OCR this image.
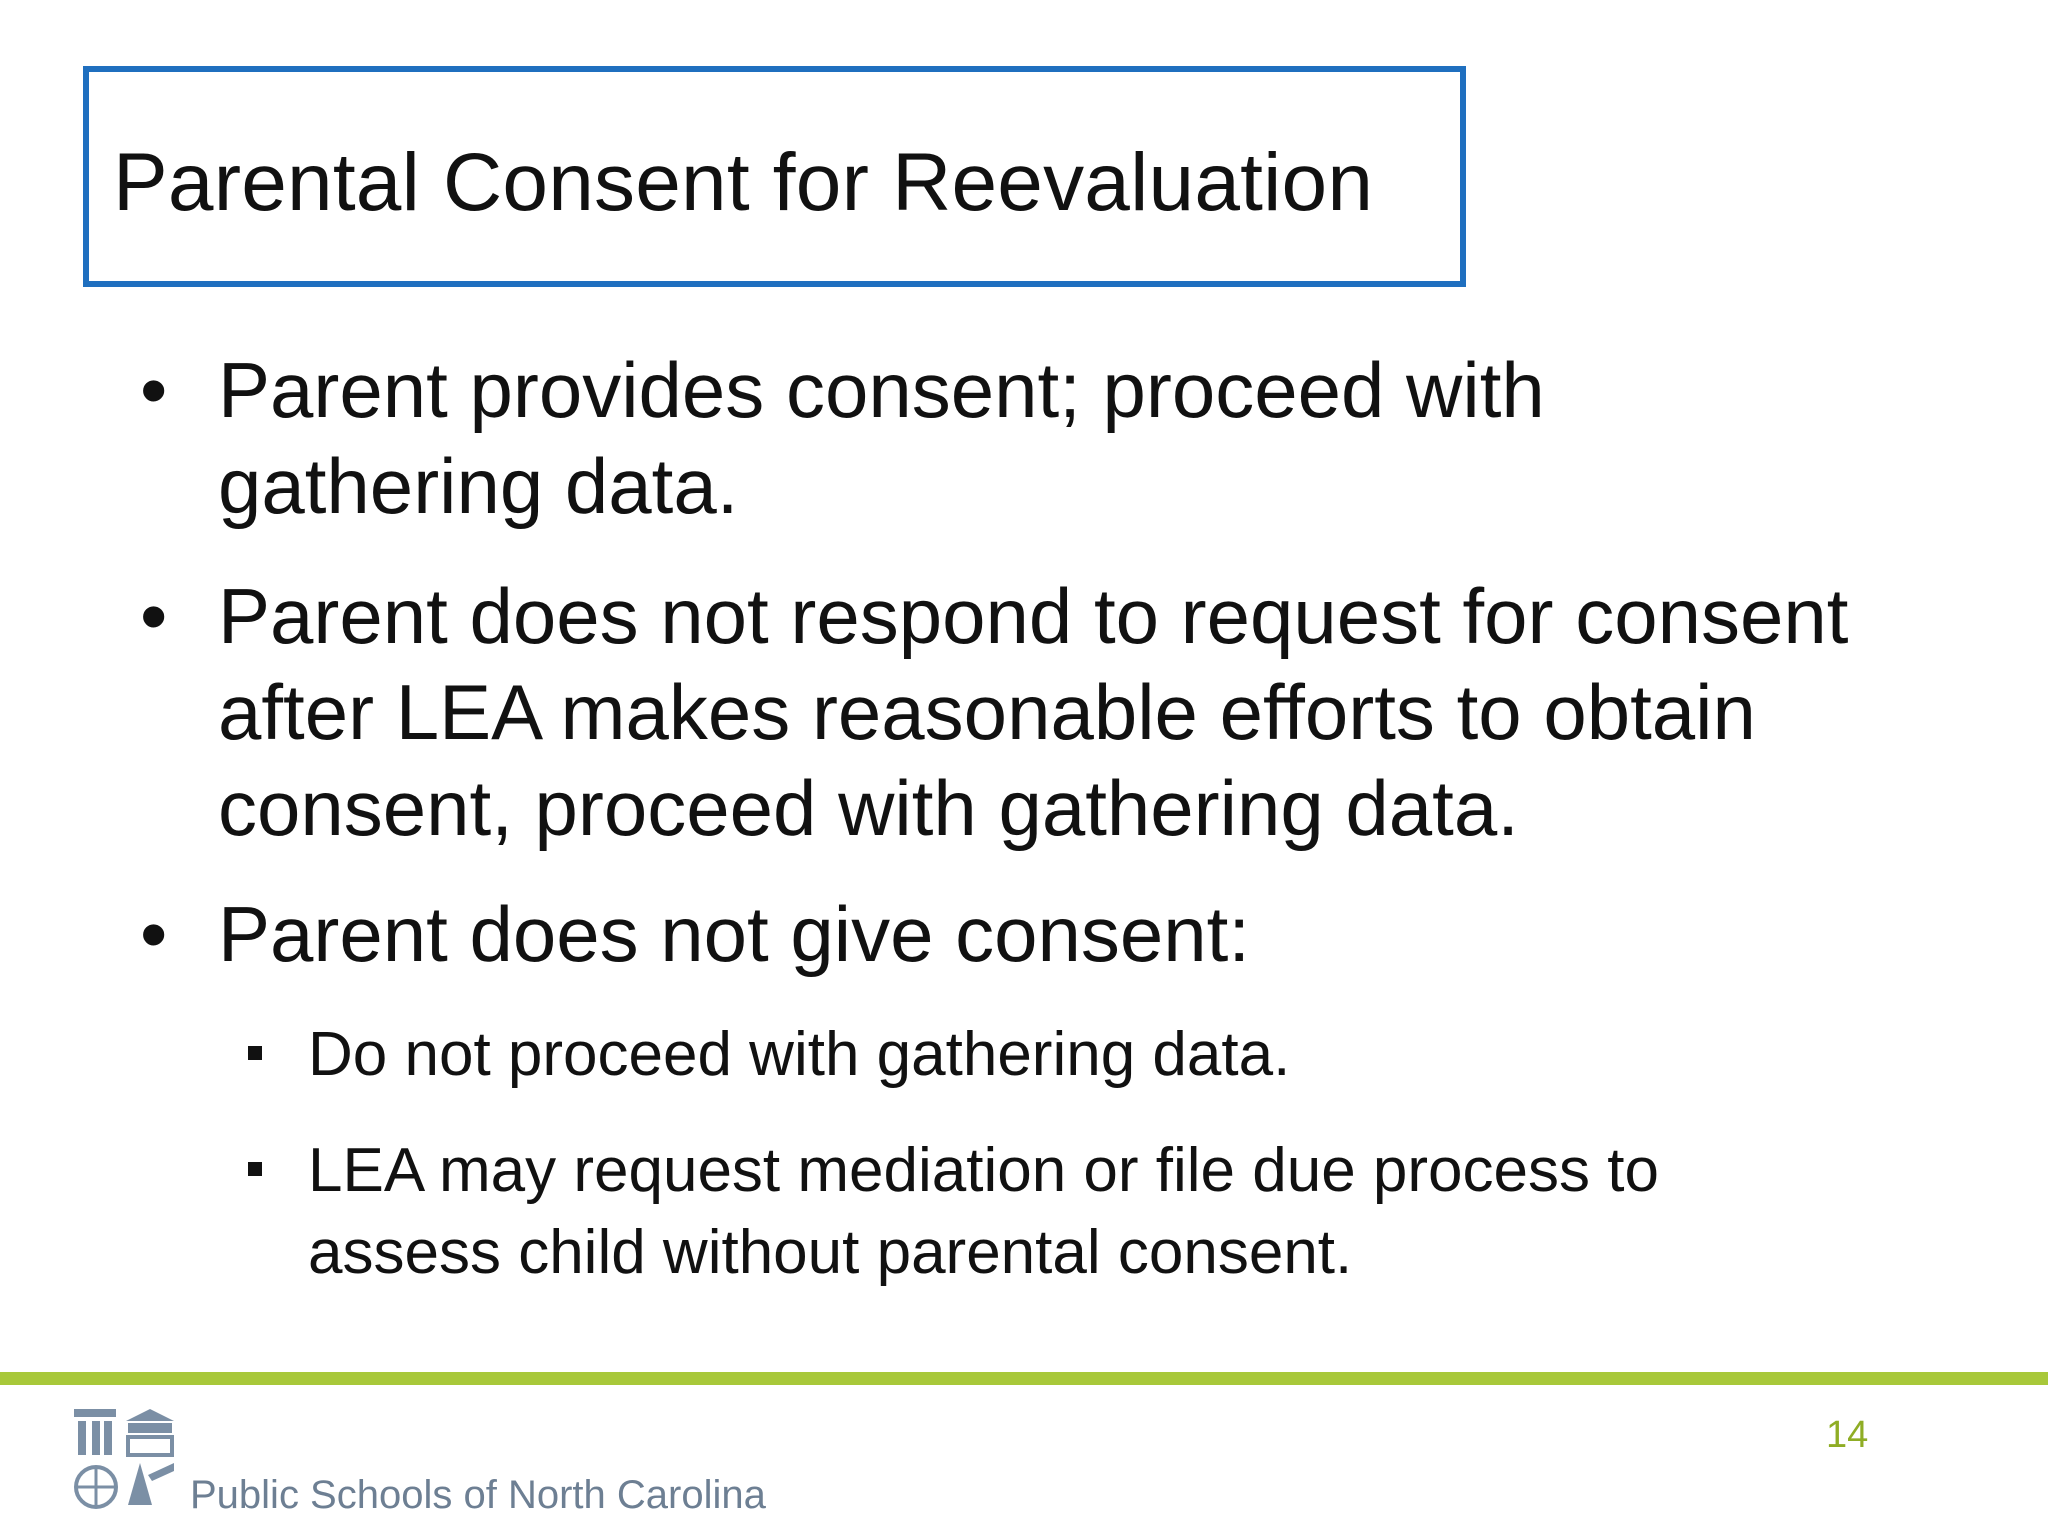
Parental Consent for Reevaluation
• Parent provides consent; proceed with gathering data.
• Parent does not respond to request for consent after LEA makes reasonable efforts to obtain consent, proceed with gathering data.
• Parent does not give consent:
Do not proceed with gathering data.
LEA may request mediation or file due process to assess child without parental consent.
14
Public Schools of North Carolina
